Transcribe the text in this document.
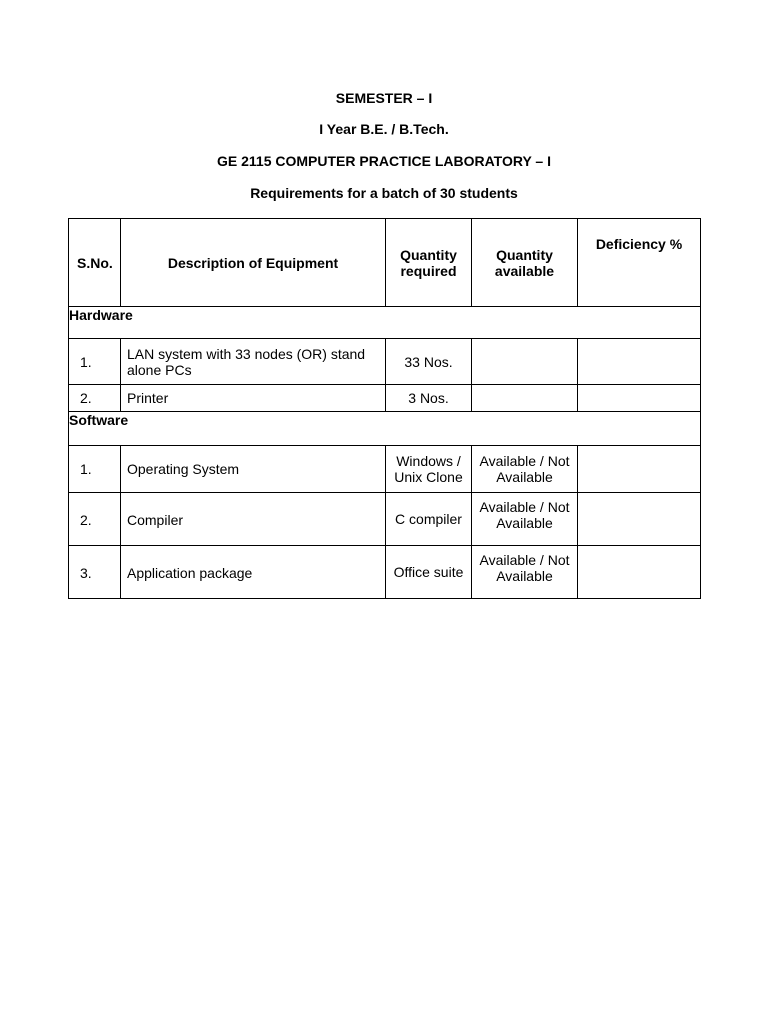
SEMESTER – I
I Year B.E. / B.Tech.
GE 2115 COMPUTER PRACTICE LABORATORY – I
Requirements for a batch of 30 students
S.No.	Description of Equipment	Quantity required	Quantity available	Deficiency %
Hardware				
1.	LAN system with 33 nodes (OR) stand alone PCs	33 Nos.		
2.	Printer	3 Nos.		
Software				
1.	Operating System	Windows / Unix Clone	Available / Not Available	
2.	Compiler	C compiler	Available / Not Available	
3.	Application package	Office suite	Available / Not Available	
